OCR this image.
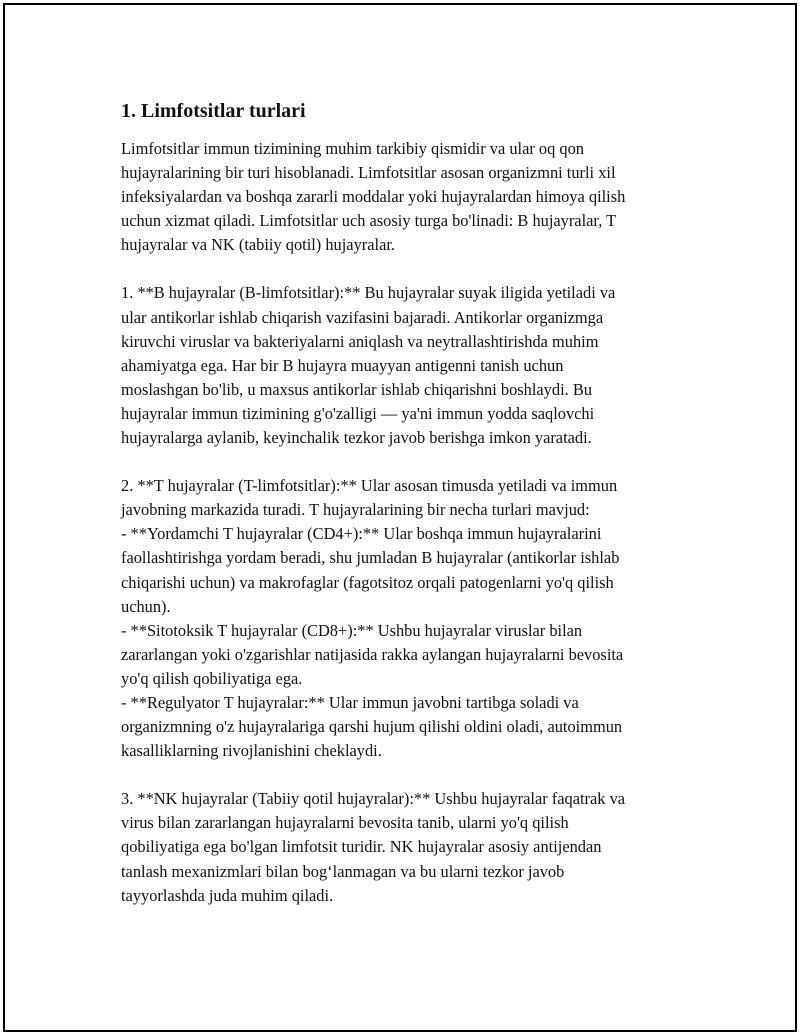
1. Limfotsitlar turlari

Limfotsitlar immun tizimining muhim tarkibiy qismidir va ular oq qon
hujayralarining bir turi hisoblanadi. Limfotsitlar asosan organizmni turli xil
infeksiyalardan va boshqa zararli moddalar yoki hujayralardan himoya qilish
uchun xizmat qiladi. Limfotsitlar uch asosiy turga bo'linadi: B hujayralar, T
hujayralar va NK (tabiiy qotil) hujayralar.

1. **B hujayralar (B-limfotsitlar):** Bu hujayralar suyak iligida yetiladi va
ular antikorlar ishlab chiqarish vazifasini bajaradi. Antikorlar organizmga
kiruvchi viruslar va bakteriyalarni aniqlash va neytrallashtirishda muhim
ahamiyatga ega. Har bir B hujayra muayyan antigenni tanish uchun
moslashgan bo'lib, u maxsus antikorlar ishlab chiqarishni boshlaydi. Bu
hujayralar immun tizimining g'o'zalligi — ya'ni immun yodda saqlovchi
hujayralarga aylanib, keyinchalik tezkor javob berishga imkon yaratadi.

2. **T hujayralar (T-limfotsitlar):** Ular asosan timusda yetiladi va immun
javobning markazida turadi. T hujayralarining bir necha turlari mavjud:
- **Yordamchi T hujayralar (CD4+):** Ular boshqa immun hujayralarini
faollashtirishga yordam beradi, shu jumladan B hujayralar (antikorlar ishlab
chiqarishi uchun) va makrofaglar (fagotsitoz orqali patogenlarni yo'q qilish
uchun).
- **Sitotoksik T hujayralar (CD8+):** Ushbu hujayralar viruslar bilan
zararlangan yoki o'zgarishlar natijasida rakka aylangan hujayralarni bevosita
yo'q qilish qobiliyatiga ega.
- **Regulyator T hujayralar:** Ular immun javobni tartibga soladi va
organizmning o'z hujayralariga qarshi hujum qilishi oldini oladi, autoimmun
kasalliklarning rivojlanishini cheklaydi.

3. **NK hujayralar (Tabiiy qotil hujayralar):** Ushbu hujayralar faqatrak va
virus bilan zararlangan hujayralarni bevosita tanib, ularni yo'q qilish
qobiliyatiga ega bo'lgan limfotsit turidir. NK hujayralar asosiy antijendan
tanlash mexanizmlari bilan bog‘lanmagan va bu ularni tezkor javob
tayyorlashda juda muhim qiladi.
